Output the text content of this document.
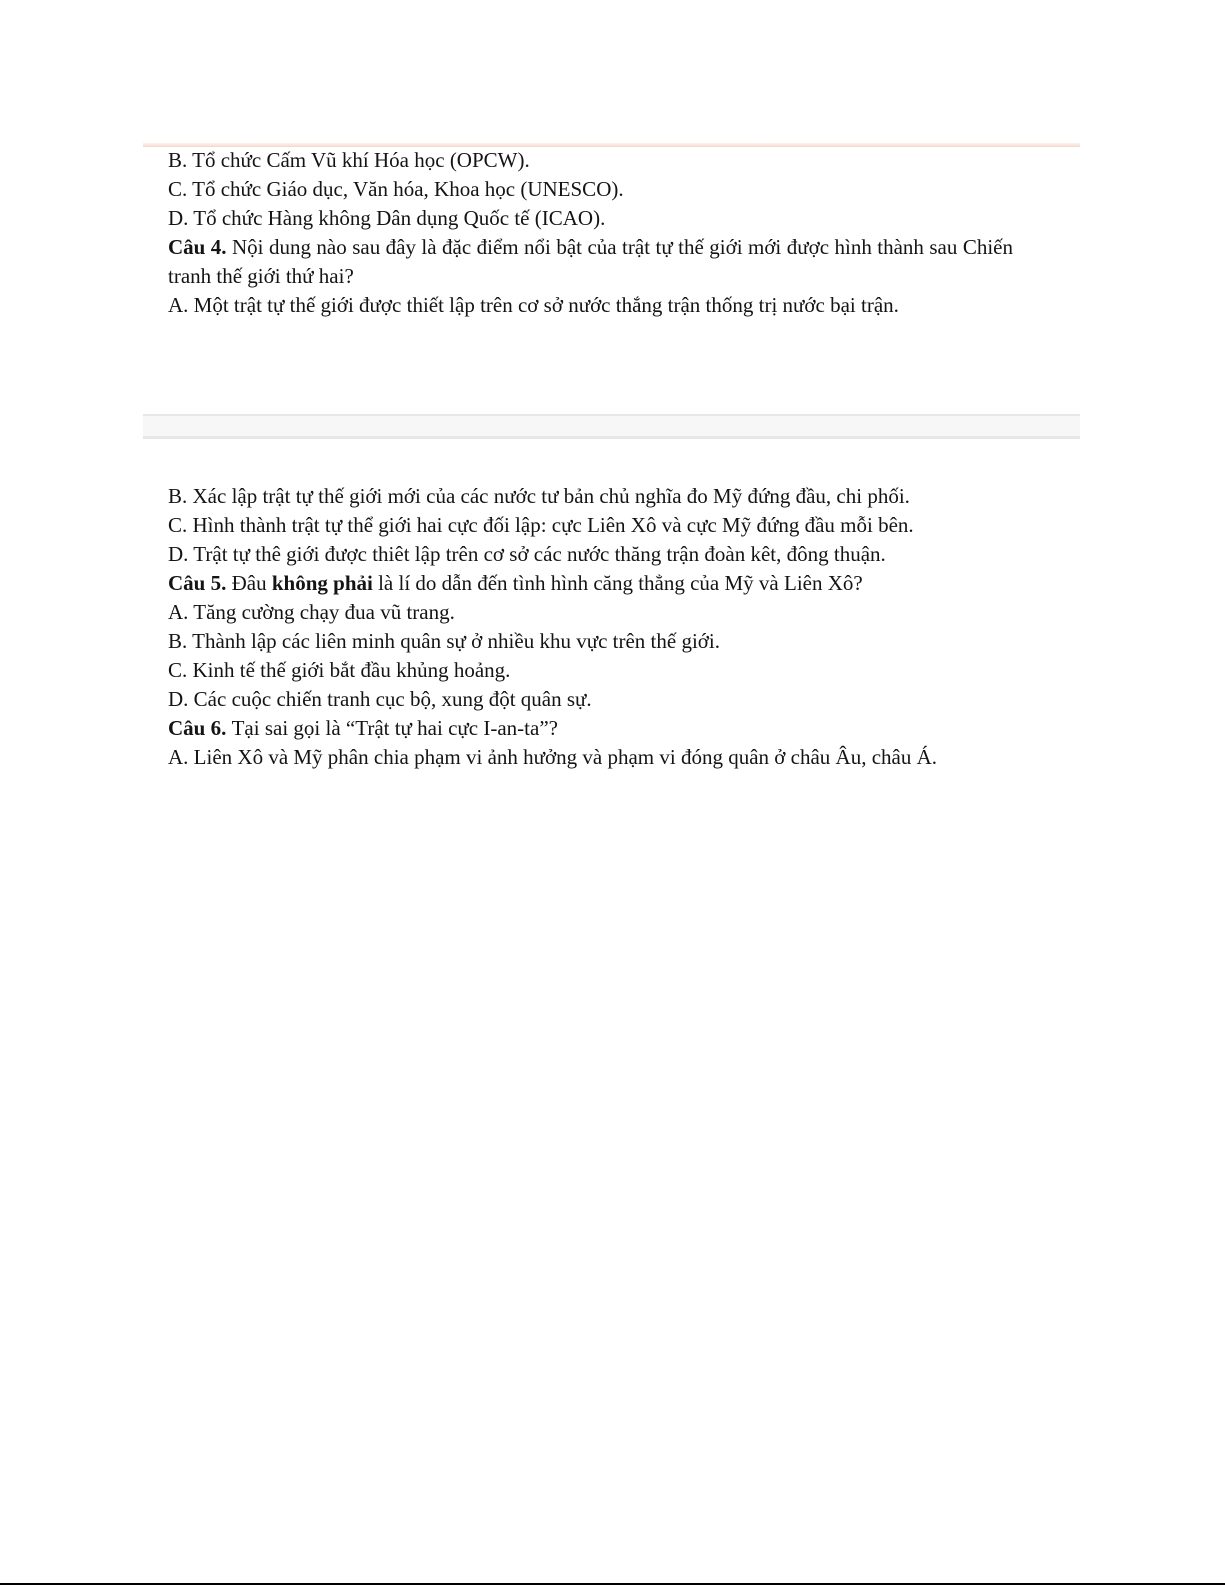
B. Tổ chức Cấm Vũ khí Hóa học (OPCW).

C. Tổ chức Giáo dục, Văn hóa, Khoa học (UNESCO).

D. Tổ chức Hàng không Dân dụng Quốc tế (ICAO).

Câu 4. Nội dung nào sau đây là đặc điểm nổi bật của trật tự thế giới mới được hình thành sau Chiến tranh thế giới thứ hai?

A. Một trật tự thế giới được thiết lập trên cơ sở nước thắng trận thống trị nước bại trận.

B. Xác lập trật tự thế giới mới của các nước tư bản chủ nghĩa đo Mỹ đứng đầu, chi phối.

C. Hình thành trật tự thể giới hai cực đối lập: cực Liên Xô và cực Mỹ đứng đầu mỗi bên.

D. Trật tự thê giới được thiêt lập trên cơ sở các nước thăng trận đoàn kêt, đông thuận.

Câu 5. Đâu không phải là lí do dẫn đến tình hình căng thẳng của Mỹ và Liên Xô?

A. Tăng cường chạy đua vũ trang.

B. Thành lập các liên minh quân sự ở nhiều khu vực trên thế giới.

C. Kinh tế thế giới bắt đầu khủng hoảng.

D. Các cuộc chiến tranh cục bộ, xung đột quân sự.

Câu 6. Tại sai gọi là “Trật tự hai cực I-an-ta”?

A. Liên Xô và Mỹ phân chia phạm vi ảnh hưởng và phạm vi đóng quân ở châu Âu, châu Á.
